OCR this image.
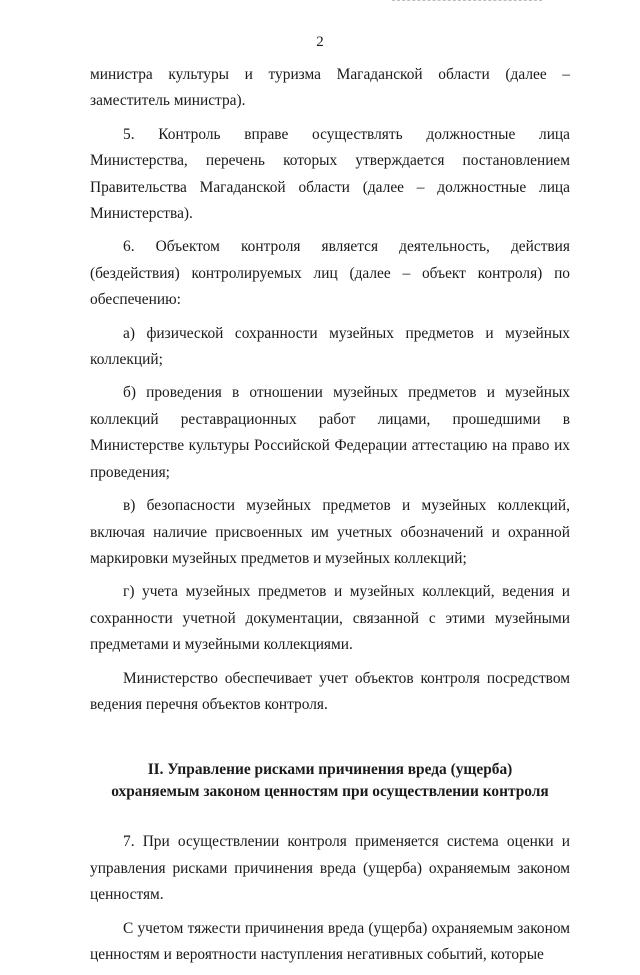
2

министра культуры и туризма Магаданской области (далее – заместитель министра).

5. Контроль вправе осуществлять должностные лица Министерства, перечень которых утверждается постановлением Правительства Магаданской области (далее – должностные лица Министерства).

6. Объектом контроля является деятельность, действия (бездействия) контролируемых лиц (далее – объект контроля) по обеспечению:

а) физической сохранности музейных предметов и музейных коллекций;

б) проведения в отношении музейных предметов и музейных коллекций реставрационных работ лицами, прошедшими в Министерстве культуры Российской Федерации аттестацию на право их проведения;

в) безопасности музейных предметов и музейных коллекций, включая наличие присвоенных им учетных обозначений и охранной маркировки музейных предметов и музейных коллекций;

г) учета музейных предметов и музейных коллекций, ведения и сохранности учетной документации, связанной с этими музейными предметами и музейными коллекциями.

Министерство обеспечивает учет объектов контроля посредством ведения перечня объектов контроля.

II. Управление рисками причинения вреда (ущерба)
охраняемым законом ценностям при осуществлении контроля

7. При осуществлении контроля применяется система оценки и управления рисками причинения вреда (ущерба) охраняемым законом ценностям.

С учетом тяжести причинения вреда (ущерба) охраняемым законом ценностям и вероятности наступления негативных событий, которые
